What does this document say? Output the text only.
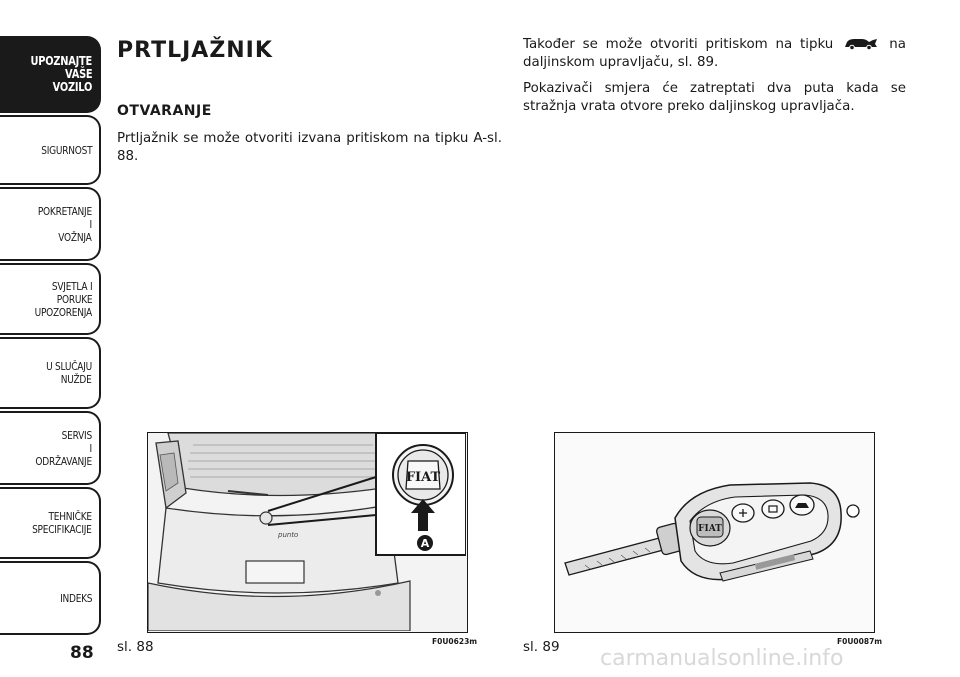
UPOZNAJTE
VAŠE
VOZILO
SIGURNOST
POKRETANJE
I
VOŽNJA
SVJETLA I
PORUKE
UPOZORENJA
U SLUČAJU
NUŽDE
SERVIS
I
ODRŽAVANJE
TEHNIČKE
SPECIFIKACIJE
INDEKS
88
PRTLJAŽNIK
OTVARANJE
Prtljažnik se može otvoriti izvana pritiskom na tipku A-sl. 88.
Također se može otvoriti pritiskom na tipku	na daljinskom upravljaču, sl. 89.
Pokazivači smjera će zatreptati dva puta kada se stražnja vrata otvore preko daljinskog upravljača.
punto
FIAT
A
FIAT
sl. 88	F0U0623m	sl. 89	F0U0087m
carmanualsonline.info
